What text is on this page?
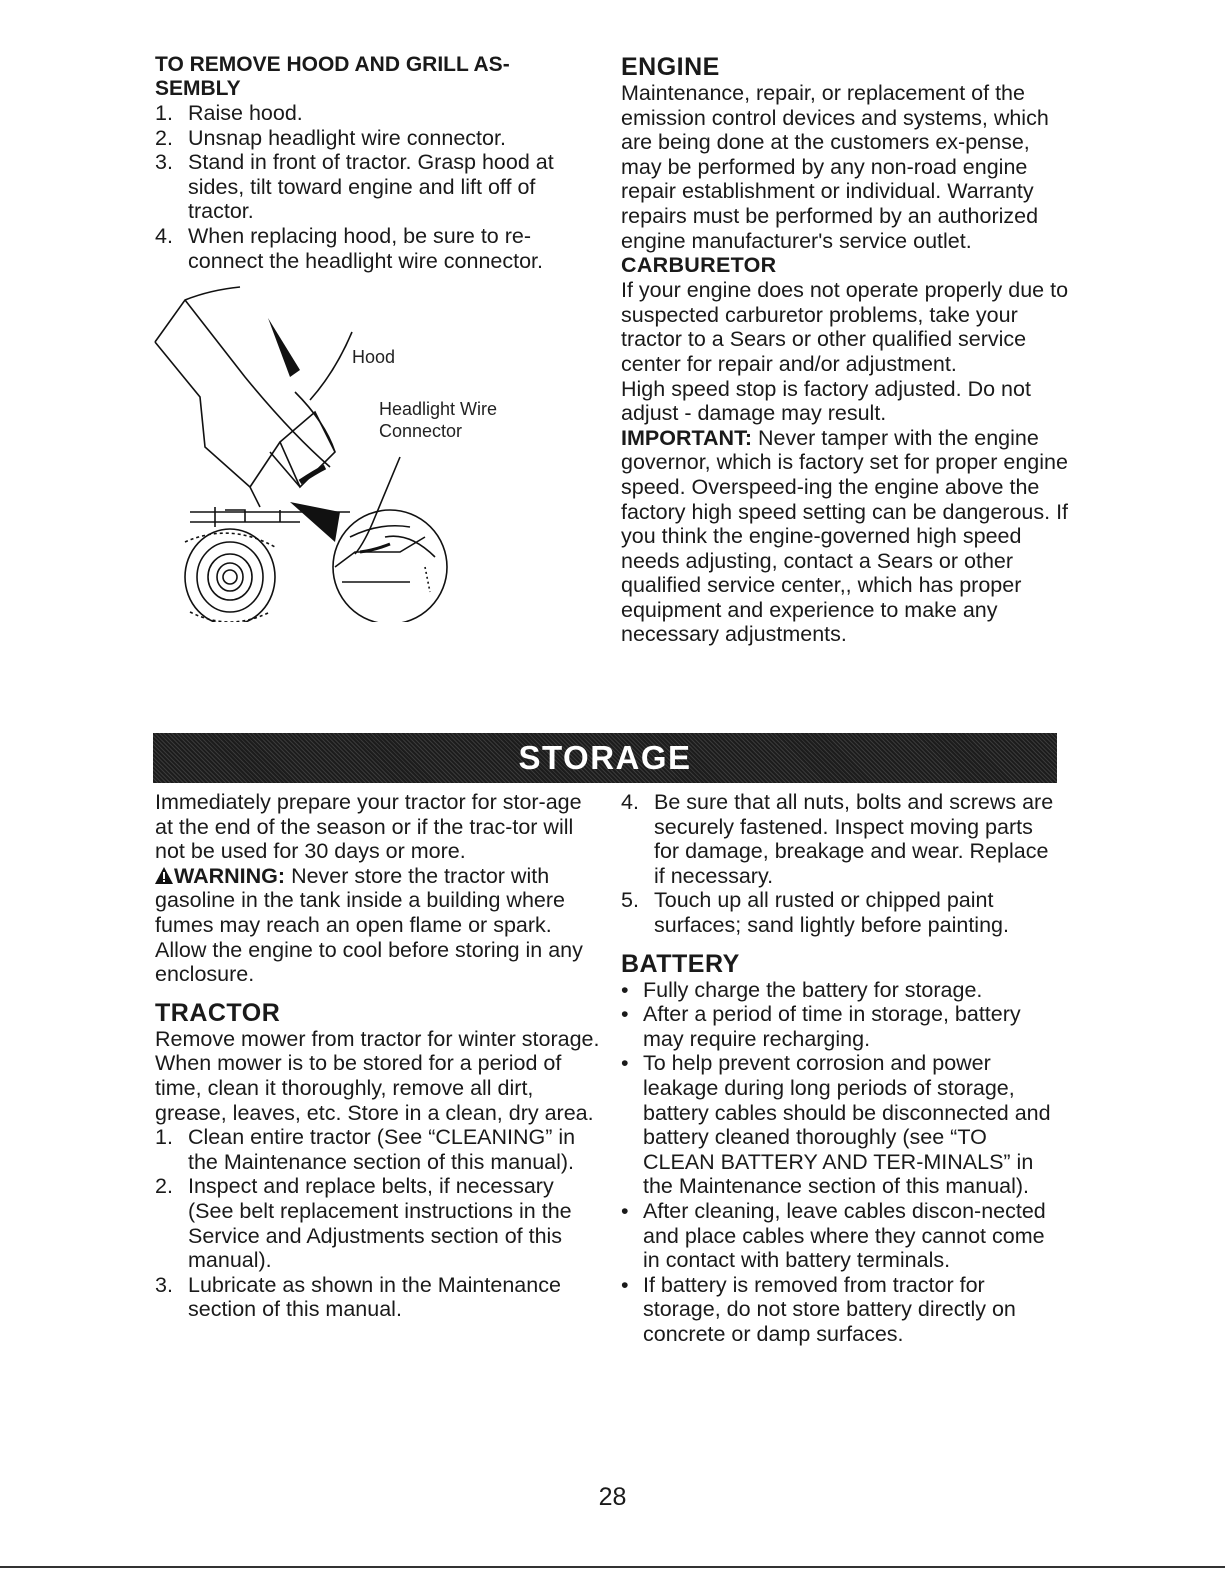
TO REMOVE HOOD AND GRILL AS-
SEMBLY

1. Raise hood.
2. Unsnap headlight wire connector.
3. Stand in front of tractor. Grasp hood at sides, tilt toward engine and lift off of tractor.
4. When replacing hood, be sure to re-connect the headlight wire connector.
Hood
Headlight Wire
Connector

ENGINE

Maintenance, repair, or replacement of the emission control devices and systems, which are being done at the customers ex-pense, may be performed by any non-road engine repair establishment or individual. Warranty repairs must be performed by an authorized engine manufacturer's service outlet.

CARBURETOR

If your engine does not operate properly due to suspected carburetor problems, take your tractor to a Sears or other qualified service center for repair and/or adjustment.

High speed stop is factory adjusted. Do not adjust - damage may result.

IMPORTANT: Never tamper with the engine governor, which is factory set for proper engine speed. Overspeed-ing the engine above the factory high speed setting can be dangerous. If you think the engine-governed high speed needs adjusting, contact a Sears or other qualified service center,, which has proper equipment and experience to make any necessary adjustments.

STORAGE

Immediately prepare your tractor for stor-age at the end of the season or if the trac-tor will not be used for 30 days or more.

WARNING: Never store the tractor with gasoline in the tank inside a building where fumes may reach an open flame or spark. Allow the engine to cool before storing in any enclosure.

TRACTOR

Remove mower from tractor for winter storage. When mower is to be stored for a period of time, clean it thoroughly, remove all dirt, grease, leaves, etc. Store in a clean, dry area.

1. Clean entire tractor (See “CLEANING” in the Maintenance section of this manual).
2. Inspect and replace belts, if necessary (See belt replacement instructions in the Service and Adjustments section of this manual).
3. Lubricate as shown in the Maintenance section of this manual.
4. Be sure that all nuts, bolts and screws are securely fastened. Inspect moving parts for damage, breakage and wear. Replace if necessary.
5. Touch up all rusted or chipped paint surfaces; sand lightly before painting.

BATTERY

• Fully charge the battery for storage.
• After a period of time in storage, battery may require recharging.
• To help prevent corrosion and power leakage during long periods of storage, battery cables should be disconnected and battery cleaned thoroughly (see “TO CLEAN BATTERY AND TER-MINALS” in the Maintenance section of this manual).
• After cleaning, leave cables discon-nected and place cables where they cannot come in contact with battery terminals.
• If battery is removed from tractor for storage, do not store battery directly on concrete or damp surfaces.
28
